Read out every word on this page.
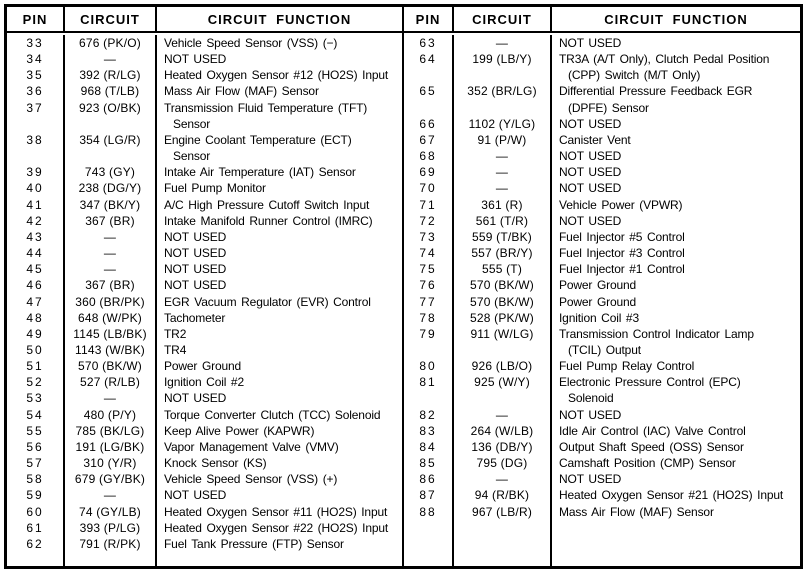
PIN	CIRCUIT	CIRCUIT FUNCTION
33	676 (PK/O)	Vehicle Speed Sensor (VSS) (−)
34	—	NOT USED
35	392 (R/LG)	Heated Oxygen Sensor #12 (HO2S) Input
36	968 (T/LB)	Mass Air Flow (MAF) Sensor
37	923 (O/BK)	Transmission Fluid Temperature (TFT)
Sensor
38	354 (LG/R)	Engine Coolant Temperature (ECT)
Sensor
39	743 (GY)	Intake Air Temperature (IAT) Sensor
40	238 (DG/Y)	Fuel Pump Monitor
41	347 (BK/Y)	A/C High Pressure Cutoff Switch Input
42	367 (BR)	Intake Manifold Runner Control (IMRC)
43	—	NOT USED
44	—	NOT USED
45	—	NOT USED
46	367 (BR)	NOT USED
47	360 (BR/PK)	EGR Vacuum Regulator (EVR) Control
48	648 (W/PK)	Tachometer
49	1145 (LB/BK)	TR2
50	1143 (W/BK)	TR4
51	570 (BK/W)	Power Ground
52	527 (R/LB)	Ignition Coil #2
53	—	NOT USED
54	480 (P/Y)	Torque Converter Clutch (TCC) Solenoid
55	785 (BK/LG)	Keep Alive Power (KAPWR)
56	191 (LG/BK)	Vapor Management Valve (VMV)
57	310 (Y/R)	Knock Sensor (KS)
58	679 (GY/BK)	Vehicle Speed Sensor (VSS) (+)
59	—	NOT USED
60	74 (GY/LB)	Heated Oxygen Sensor #11 (HO2S) Input
61	393 (P/LG)	Heated Oxygen Sensor #22 (HO2S) Input
62	791 (R/PK)	Fuel Tank Pressure (FTP) Sensor
PIN	CIRCUIT	CIRCUIT FUNCTION
63	—	NOT USED
64	199 (LB/Y)	TR3A (A/T Only), Clutch Pedal Position
(CPP) Switch (M/T Only)
65	352 (BR/LG)	Differential Pressure Feedback EGR
(DPFE) Sensor
66	1102 (Y/LG)	NOT USED
67	91 (P/W)	Canister Vent
68	—	NOT USED
69	—	NOT USED
70	—	NOT USED
71	361 (R)	Vehicle Power (VPWR)
72	561 (T/R)	NOT USED
73	559 (T/BK)	Fuel Injector #5 Control
74	557 (BR/Y)	Fuel Injector #3 Control
75	555 (T)	Fuel Injector #1 Control
76	570 (BK/W)	Power Ground
77	570 (BK/W)	Power Ground
78	528 (PK/W)	Ignition Coil #3
79	911 (W/LG)	Transmission Control Indicator Lamp
(TCIL) Output
80	926 (LB/O)	Fuel Pump Relay Control
81	925 (W/Y)	Electronic Pressure Control (EPC)
Solenoid
82	—	NOT USED
83	264 (W/LB)	Idle Air Control (IAC) Valve Control
84	136 (DB/Y)	Output Shaft Speed (OSS) Sensor
85	795 (DG)	Camshaft Position (CMP) Sensor
86	—	NOT USED
87	94 (R/BK)	Heated Oxygen Sensor #21 (HO2S) Input
88	967 (LB/R)	Mass Air Flow (MAF) Sensor
